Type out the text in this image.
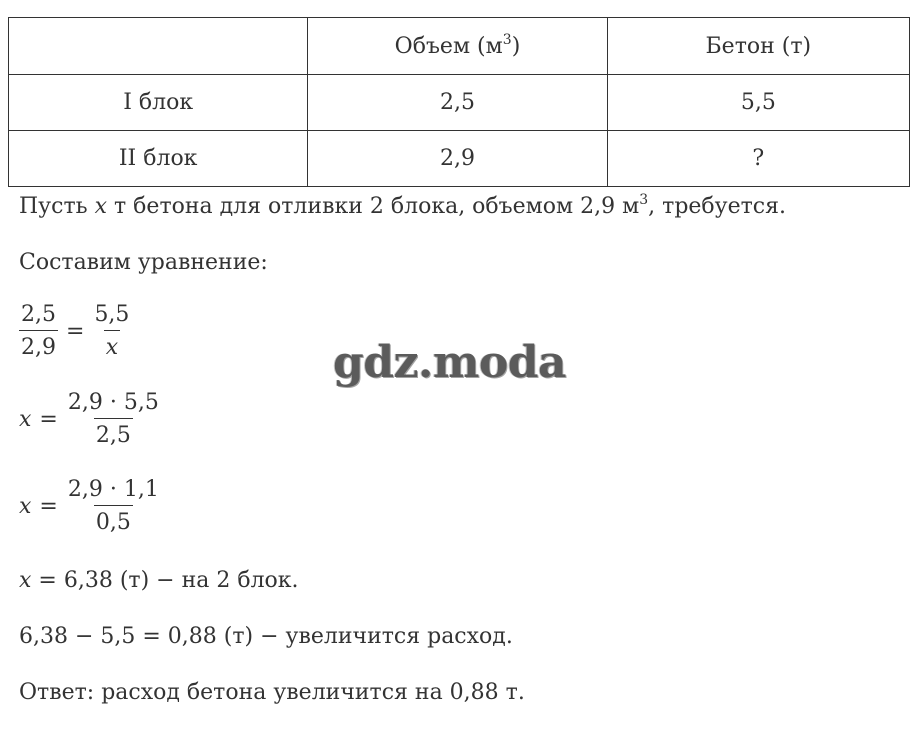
	Объем $(м^3)$	Бетон (т)
I блок	2,5	5,5
II блок	2,9	?
Пусть x т бетона для отливки 2 блока, объемом 2,9 $м^3$, требуется.
Составим уравнение:
$\frac{2,5}{2,9} = \frac{5,5}{x}$
$x = \frac{2,9 \cdot 5,5}{2,5}$
$x = \frac{2,9 \cdot 1,1}{0,5}$
x = 6,38 (т) − на 2 блок.
6,38 − 5,5 = 0,88 (т) − увеличится расход.
Ответ: расход бетона увеличится на 0,88 т.
gdz.moda
